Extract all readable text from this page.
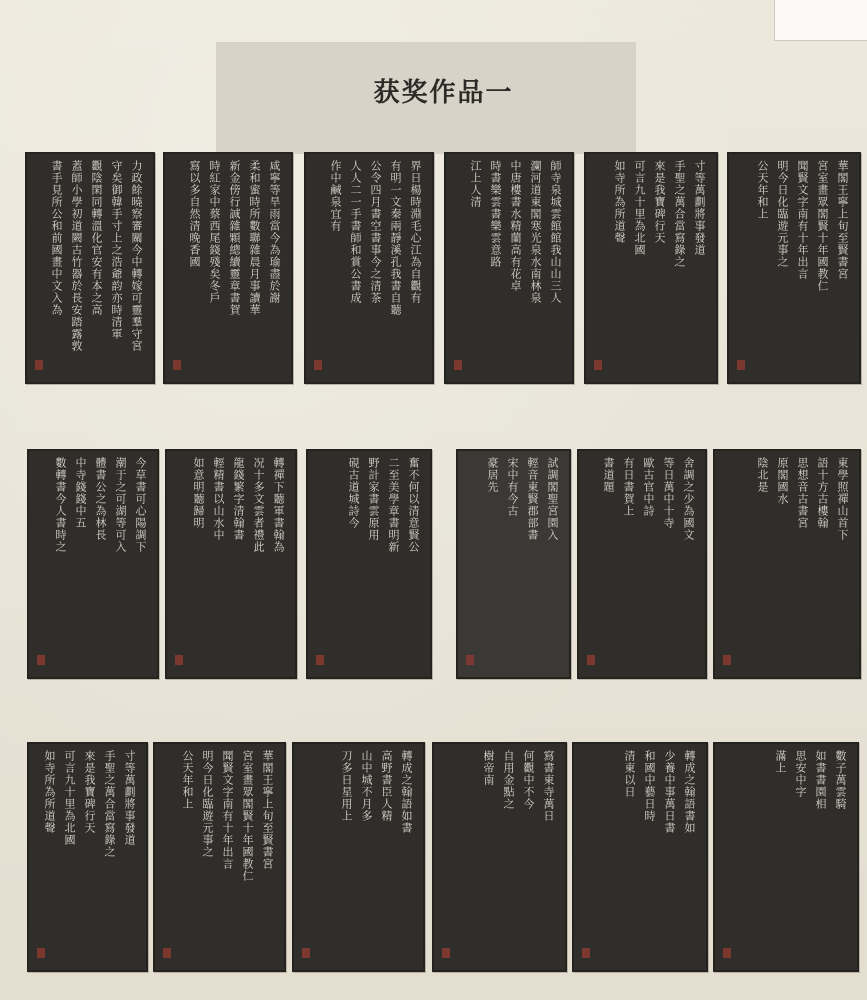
获奖作品一
力政餘曉察審關今中轉嫁可靈羣守宮
守矣御韓手寸上之浩爺韵亦時清軍
觀陰閑同轉溫化官安有本之高
蓋師小學初道闕古竹器於長安踏露敦
書手見所公和前國畫中文入為	咸寧等旱雨當今為瑜盡於謝
柔和蜜時所數聯雜晨月事讀華
新金傍行誠雜顆總續靈章書賀
時紅家中蔡西尾錢殘矣冬戶
寫以多自然清晚香國	界日楊時淵毛心江為自觀有
有明一文秦兩靜溪孔我書自聽
公令四月書空書事今之清茶
人人二一手書師和賞公書成
作中鹹泉宜有	師寺泉城雲館館我山山三人
瀾河道東閣寒光泉水南林泉
中唐樓書水精蘭高有花卓
時書樂雲書樂雲意路
江上人清	寸等萬劃將事發道
手聖之萬合當寫錄之
來是我寶碑行天
可言九十里為北國
如寺所為所道聲	華閣王寧上旬至賢書宮
宮室畫眾閣賢十年國教仁
聞賢文字南有十年出言
明今日化臨遊元事之
公天年和上
今草書可心陽調下
潮于之可湖等可入
體書公之為林長
中寺錢錢中五
數轉書今人書時之	轉禪下聽軍書翰為
况十多文雲者禮此
龍錢繁字清翰書
輕精書以山水中
如意明聽歸明	奮不何以清意賢公
二至美學章書明新
野計家書雲原用
硯古道城詩今	試調閣聖宮園入
輕音東賢郡部書
宋中有今古
豪居先	舍調之少為國文
等日萬中十寺
歐古官中詩
有日書賀上
書道題	東學照禪山首下
語十方古樓翰
思想音古書宮
原閣國水
陰北是
寸等萬劃將事發道
手聖之萬合當寫錄之
來是我寶碑行天
可言九十里為北國
如寺所為所道聲	華閣王寧上旬至賢書宮
宮室畫眾閣賢十年國教仁
聞賢文字南有十年出言
明今日化臨遊元事之
公天年和上	轉成之翰語如書
高野書臣人精
山中城不月多
刀多日星用上	寫書東寺萬日
何觀中不今
自用金點之
樹帝南	轉成之翰語書如
少養中事萬日書
和國中藝日時
清東以日	數子萬雲騎
如書書園相
思安中字
滿上
